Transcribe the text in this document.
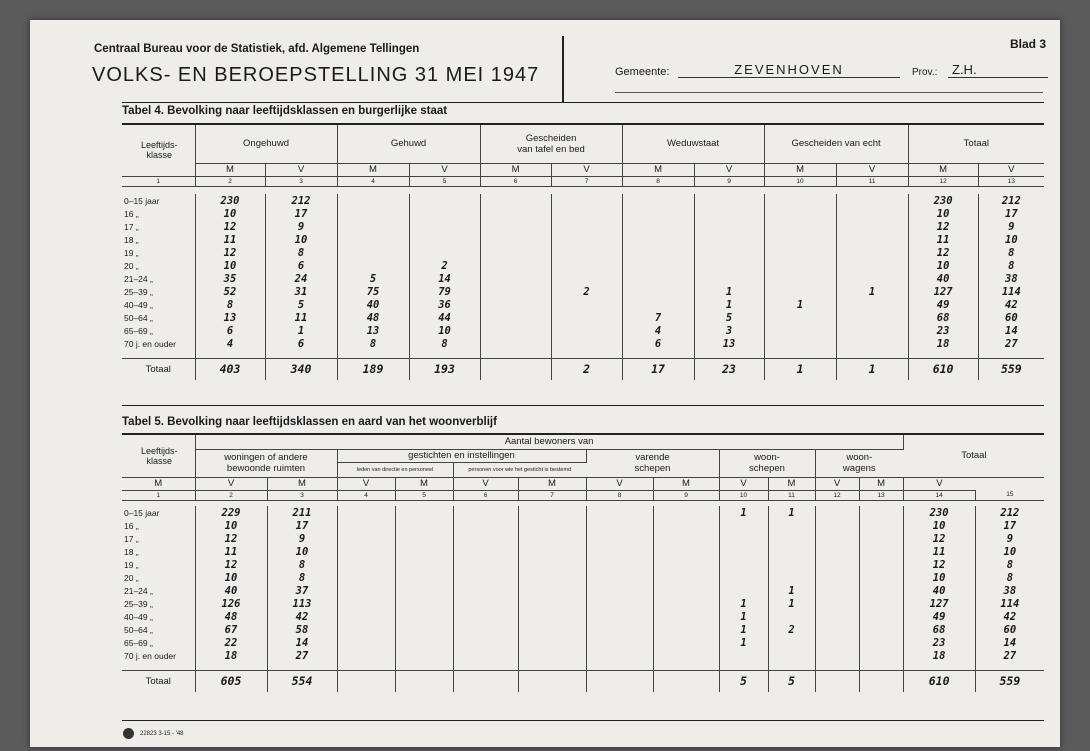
Centraal Bureau voor de Statistiek, afd. Algemene Tellingen
VOLKS- EN BEROEPSTELLING 31 MEI 1947
Blad 3
Gemeente:	ZEVENHOVEN	Prov.:	Z.H.
Tabel 4. Bevolking naar leeftijdsklassen en burgerlijke staat
Leeftijds-
klasse	Ongehuwd		Gehuwd		Gescheiden
van tafel en bed		Weduwstaat		Gescheiden van echt		Totaal	
	M	V	M	V	M	V	M	V	M	V	M	V
1	2	3	4	5	6	7	8	9	10	11	12	13

0–15 jaar	230	212									230	212
16 „	10	17									10	17
17 „	12	9									12	9
18 „	11	10									11	10
19 „	12	8									12	8
20 „	10	6		2							10	8
21–24 „	35	24	5	14							40	38
25–39 „	52	31	75	79		2		1		1	127	114
40–49 „	8	5	40	36				1	1		49	42
50–64 „	13	11	48	44			7	5			68	60
65–69 „	6	1	13	10			4	3			23	14
70 j. en ouder	4	6	8	8			6	13			18	27

Totaal	403	340	189	193		2	17	23	1	1	610	559
Tabel 5. Bevolking naar leeftijdsklassen en aard van het woonverblijf
Leeftijds-
klasse	Aantal bewoners van												Totaal	
	woningen of andere
bewoonde ruimten		gestichten en instellingen				varende
schepen		woon-
schepen		woon-
wagens			
			leden van directie en personeel		personen voor wie het gesticht is bestemd									
M	V	M	V	M	V	M	V	M	V	M	V	M	V	
1	2	3	4	5	6	7	8	9	10	11	12	13	14	15

0–15 jaar	229	211							1	1			230	212
16 „	10	17											10	17
17 „	12	9											12	9
18 „	11	10											11	10
19 „	12	8											12	8
20 „	10	8											10	8
21–24 „	40	37								1			40	38
25–39 „	126	113							1	1			127	114
40–49 „	48	42							1				49	42
50–64 „	67	58							1	2			68	60
65–69 „	22	14							1				23	14
70 j. en ouder	18	27											18	27

Totaal	605	554							5	5			610	559
22823 3-15 - '48
